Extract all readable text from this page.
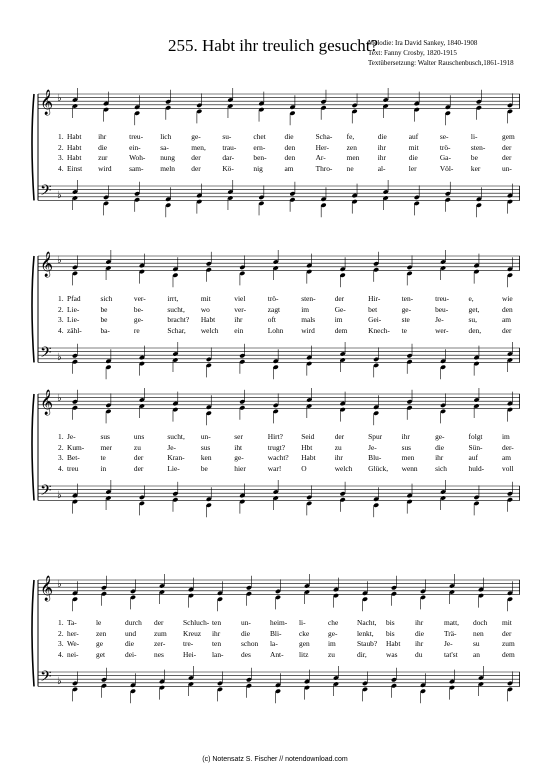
255. Habt ihr treulich gesucht?
Melodie: Ira David Sankey, 1840-1908
Text: Fanny Crosby, 1820-1915
Textübersetzung: Walter Rauschenbusch,1861-1918
𝄞
𝄢
♭
♭
1. Habt ihr	treu- lich	ge-	su-	chet	die	Scha- fe,	die	auf	se-	li-	gem
2. Habt die	ein-	sa-	men, trau- ern-	den	Her- zen	ihr	mit	trö-	sten- der
3. Habt zur	Woh- nung der	dar-	ben- den	Ar-	men ihr	die	Ga-	be	der
4. Einst wird sam- meln der	Kö-	nig	am	Thro- ne	al-	ler	Völ- ker	un-
𝄞
𝄢
♭
♭
1. Pfad	sich	ver-	irrt,	mit	viel	trö-	sten-	der	Hir-	ten-	treu-	e,	wie
2. Lie-	be	be-	sucht, wo	ver-	zagt	im	Ge-	bet	ge-	beu-	get,	den
3. Lie-	be	ge-	bracht? Habt	ihr	oft	mals	im	Gei-	ste	Je-	su,	am
4. zähl-	ba-	re	Schar, welch ein	Lohn wird	dem	Knech- te	wer-	den,	der
𝄞
𝄢
♭
♭
1. Je-	sus	uns	sucht, un-	ser	Hirt? Seid	der	Spur	ihr	ge-	folgt	im
2. Kum- mer	zu	Je-	sus	iht	trugt? Hbt	zu	Je-	sus	die	Sün-	der-
3. Bet-	te	der	Kran- ken	ge-	wacht? Habt	ihr	Blu-	men	ihr	auf	am
4. treu	in	der	Lie-	be	hier	war!	O	welch Glück, wenn sich	huld- voll
𝄞
𝄢
♭
♭
1. Ta-	le	durch der	Schluch- ten	un-	heim- li-	che	Nacht, bis	ihr	matt, doch mit
2. her- zen	und zum Kreuz ihr	die	Bli- cke	ge-	lenkt, bis	die	Trä- nen der
3. We- ge	die	zer- tre-	ten	schon la-	gen im	Staub? Habt ihr	Je-	su	zum
4. nei- get	dei- nes	Hei- lan- des	Ant- litz	zu	dir,	was du	tat'st an	dem
(c) Notensatz S. Fischer // notendownload.com
